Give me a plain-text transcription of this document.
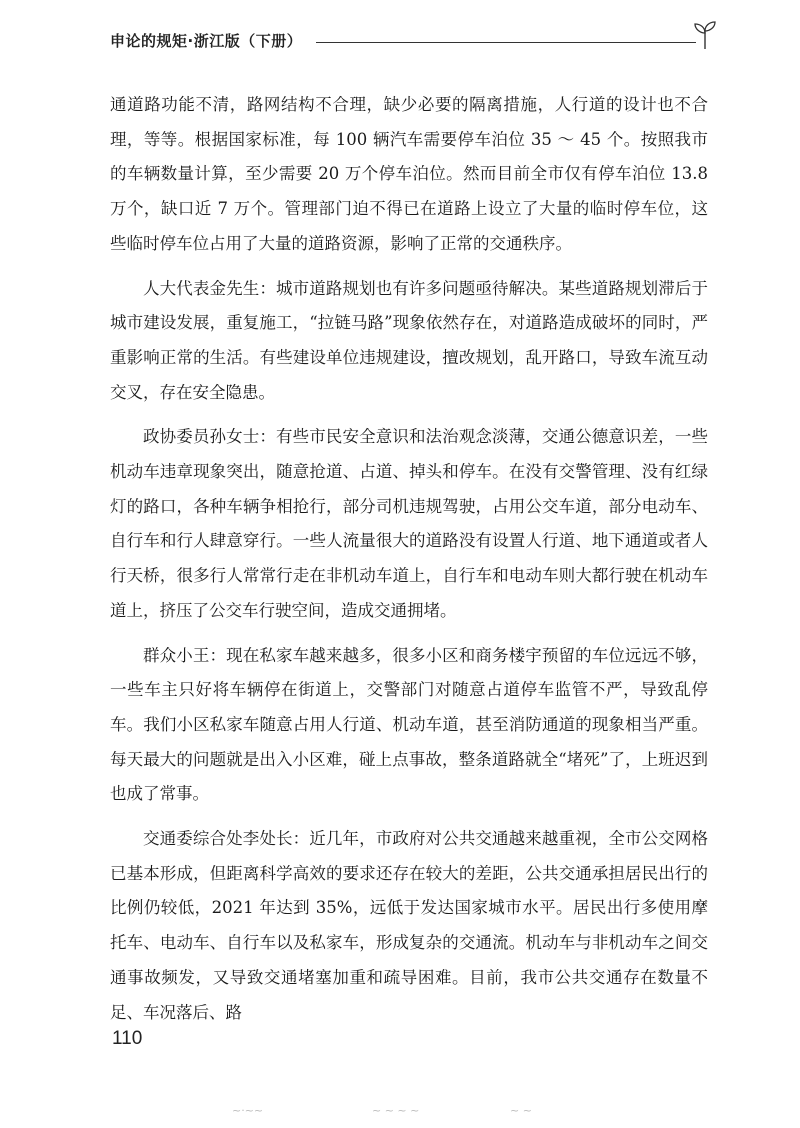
申论的规矩·浙江版（下册）

通道路功能不清，路网结构不合理，缺少必要的隔离措施，人行道的设计也不合理，等等。根据国家标准，每 100 辆汽车需要停车泊位 35 ～ 45 个。按照我市的车辆数量计算，至少需要 20 万个停车泊位。然而目前全市仅有停车泊位 13.8 万个，缺口近 7 万个。管理部门迫不得已在道路上设立了大量的临时停车位，这些临时停车位占用了大量的道路资源，影响了正常的交通秩序。

人大代表金先生：城市道路规划也有许多问题亟待解决。某些道路规划滞后于城市建设发展，重复施工，“拉链马路”现象依然存在，对道路造成破坏的同时，严重影响正常的生活。有些建设单位违规建设，擅改规划，乱开路口，导致车流互动交叉，存在安全隐患。

政协委员孙女士：有些市民安全意识和法治观念淡薄，交通公德意识差，一些机动车违章现象突出，随意抢道、占道、掉头和停车。在没有交警管理、没有红绿灯的路口，各种车辆争相抢行，部分司机违规驾驶，占用公交车道，部分电动车、自行车和行人肆意穿行。一些人流量很大的道路没有设置人行道、地下通道或者人行天桥，很多行人常常行走在非机动车道上，自行车和电动车则大都行驶在机动车道上，挤压了公交车行驶空间，造成交通拥堵。

群众小王：现在私家车越来越多，很多小区和商务楼宇预留的车位远远不够，一些车主只好将车辆停在街道上，交警部门对随意占道停车监管不严，导致乱停车。我们小区私家车随意占用人行道、机动车道，甚至消防通道的现象相当严重。每天最大的问题就是出入小区难，碰上点事故，整条道路就全“堵死”了，上班迟到也成了常事。

交通委综合处李处长：近几年，市政府对公共交通越来越重视，全市公交网格已基本形成，但距离科学高效的要求还存在较大的差距，公共交通承担居民出行的比例仍较低，2021 年达到 35%，远低于发达国家城市水平。居民出行多使用摩托车、电动车、自行车以及私家车，形成复杂的交通流。机动车与非机动车之间交通事故频发，又导致交通堵塞加重和疏导困难。目前，我市公共交通存在数量不足、车况落后、路

110
~·~~	~ ~ ~ ~	~ ~
